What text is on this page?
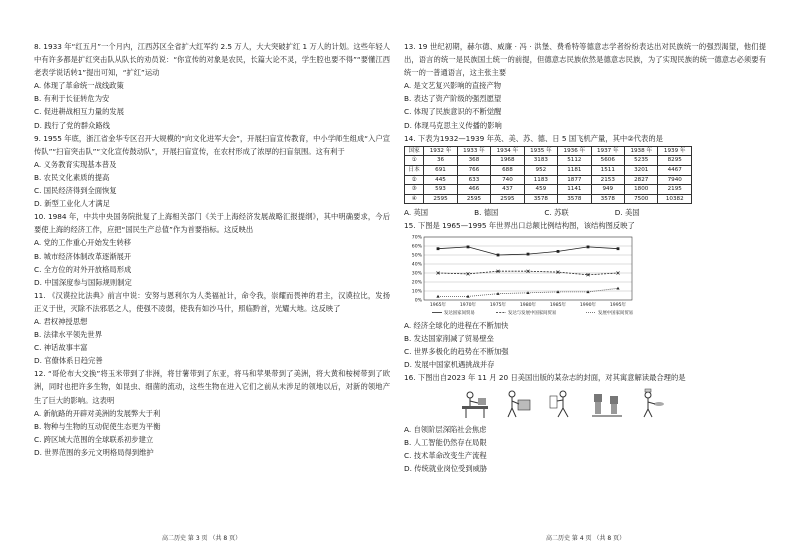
8. 1933 年“红五月”一个月内，江西苏区全省扩大红军约 2.5 万人，大大突破扩红 1 万人的计划。这些年轻人中有许多都是扩红突击队从队长的劝员说：“你宣传的对象是农民，长篇大论不灵，学生腔也要不得”“要懂江西老表学说话转1”提出可知，“扩红”运动

A. 体现了革命统一战线政策

B. 有利于长征转危为安

C. 促进耕战相互力量的发展

D. 践行了党的群众路线

9. 1955 年底，浙江省金华专区召开大规模的“向文化进军大会”，开展扫盲宣传教育，中小学师生组成“入户宣传队”“扫盲突击队”“文化宣传鼓动队”，开展扫盲宣传，在农村形成了浓厚的扫盲氛围。这有利于

A. 义务教育实现基本普及

B. 农民文化素质的提高

C. 国民经济得到全面恢复

D. 新型工业化人才满足

10. 1984 年，中共中央国务院批复了上海相关部门《关于上海经济发展战略汇报提纲》，其中明确要求，今后要使上海的经济工作，应把“国民生产总值”作为首要指标。这反映出

A. 党的工作重心开始发生转移

B. 城市经济体制改革逐渐展开

C. 全方位的对外开放格局形成

D. 中国深度参与国际规则制定

11. 《汉谟拉比法典》前言中说：安努与恩利尔为人类福祉计，命令我，崇耀而畏神的君主，汉谟拉比，发扬正义于世，灭除不法邪恶之人，使强不凌弱，使我有如沙马什，照临黔首，光耀大地。这反映了

A. 君权神授思想

B. 法律水平领先世界

C. 神话故事丰富

D. 官僚体系日趋完善

12. “哥伦布大交换”将玉米带到了非洲，将甘薯带到了东亚，将马和苹果带到了美洲，将大黄和桉树带到了欧洲，同时也把许多生物，如昆虫、细菌的流动，这些生物在进入它们之前从未涉足的领地以后，对新的领地产生了巨大的影响。这表明

A. 新航路的开辟对美洲的发展弊大于利

B. 物种与生物的互动促使生态更为平衡

C. 跨区域大范围的全球联系初步建立

D. 世界范围的多元文明格局得到维护

13. 19 世纪初期，赫尔德、威廉 · 冯 · 洪堡、费希特等德意志学者纷纷表达出对民族统一的强烈渴望，他们提出，语言的统一是民族国土统一的前提，但德意志民族依然是德意志民族，为了实现民族的统一德意志必须要有统一的一普通语言，这主张主要

A. 是文艺复兴影响的直接产物

B. 表达了资产阶级的强烈愿望

C. 体现了民族意识的不断觉醒

D. 体现马克思主义传播的影响

14. 下表为1932—1939 年英、美、苏、德、日 5 国飞机产量，其中②代表的是

国家	1932 年	1933 年	1934 年	1935 年	1936 年	1937 年	1938 年	1939 年
①	36	368	1968	3183	5112	5606	5235	8295
日本	691	766	688	952	1181	1511	3201	4467
②	445	633	740	1183	1877	2153	2827	7940
③	593	466	437	459	1141	949	1800	2195
④	2595	2595	2595	3578	3578	3578	7500	10382
A. 英国	B. 德国	C. 苏联	D. 美国

15. 下图是 1965—1995 年世界出口总额比例结构图，该结构图反映了

0%
10%
20%
30%
40%
50%
60%
70%
1965年	1970年	1975年	1980年	1985年	1990年	1995年
发达国家间贸易	发达与发展中国家间贸易	发展中国家间贸易

A. 经济全球化的进程在不断加快

B. 发达国家削减了贸易壁垒

C. 世界多极化的趋势在不断加强

D. 发展中国家机遇挑战并存

16. 下图出自2023 年 11 月 20 日美国出版的某杂志的封面，对其寓意解读最合理的是

A. 自领阶层深陷社会焦虑

B. 人工智能仍然存在局限

C. 技术革命改变生产流程

D. 传统就业岗位受到威胁

高二历史 第 3 页 （共 8 页）	高二历史 第 4 页 （共 8 页）
